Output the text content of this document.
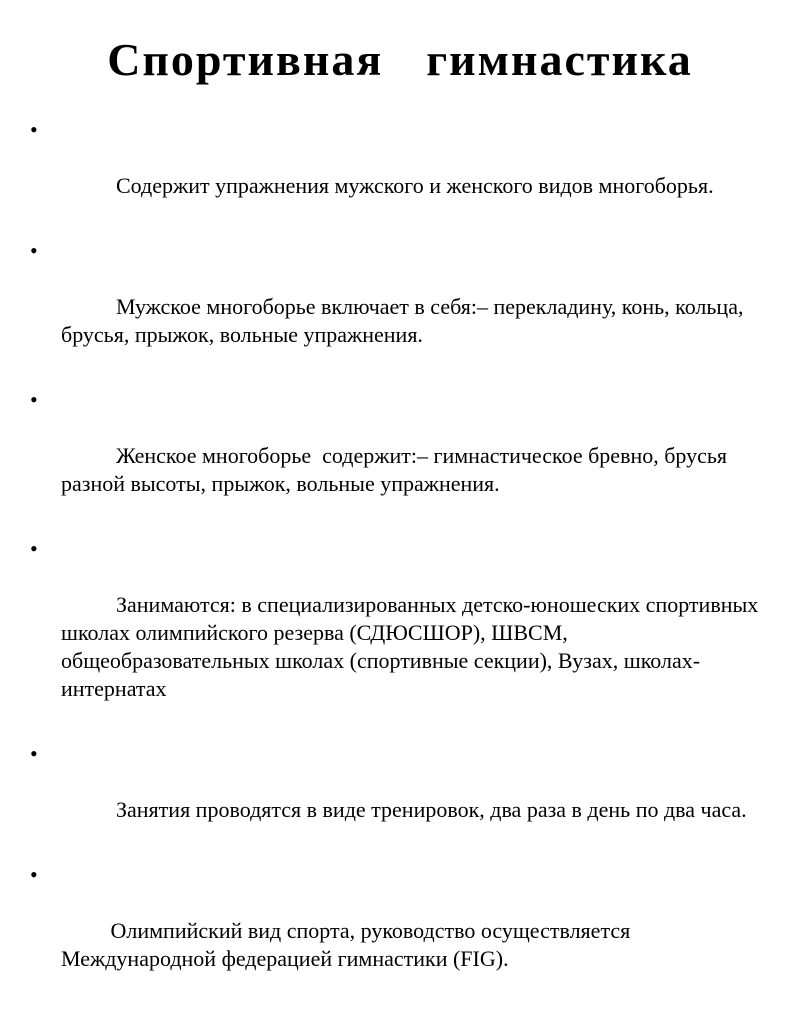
Спортивная  гимнастика

•

Содержит упражнения мужского и женского видов многоборья.

•

Мужское многоборье включает в себя:– перекладину, конь, кольца, брусья, прыжок, вольные упражнения.

•

Женское многоборье  содержит:– гимнастическое бревно, брусья разной высоты, прыжок, вольные упражнения.

•

Занимаются: в специализированных детско-юношеских спортивных школах олимпийского резерва (СДЮСШОР), ШВСМ, общеобразовательных школах (спортивные секции), Вузах, школах- интернатах

•

Занятия проводятся в виде тренировок, два раза в день по два часа.

•

Олимпийский вид спорта, руководство осуществляется Международной федерацией гимнастики (FIG).
